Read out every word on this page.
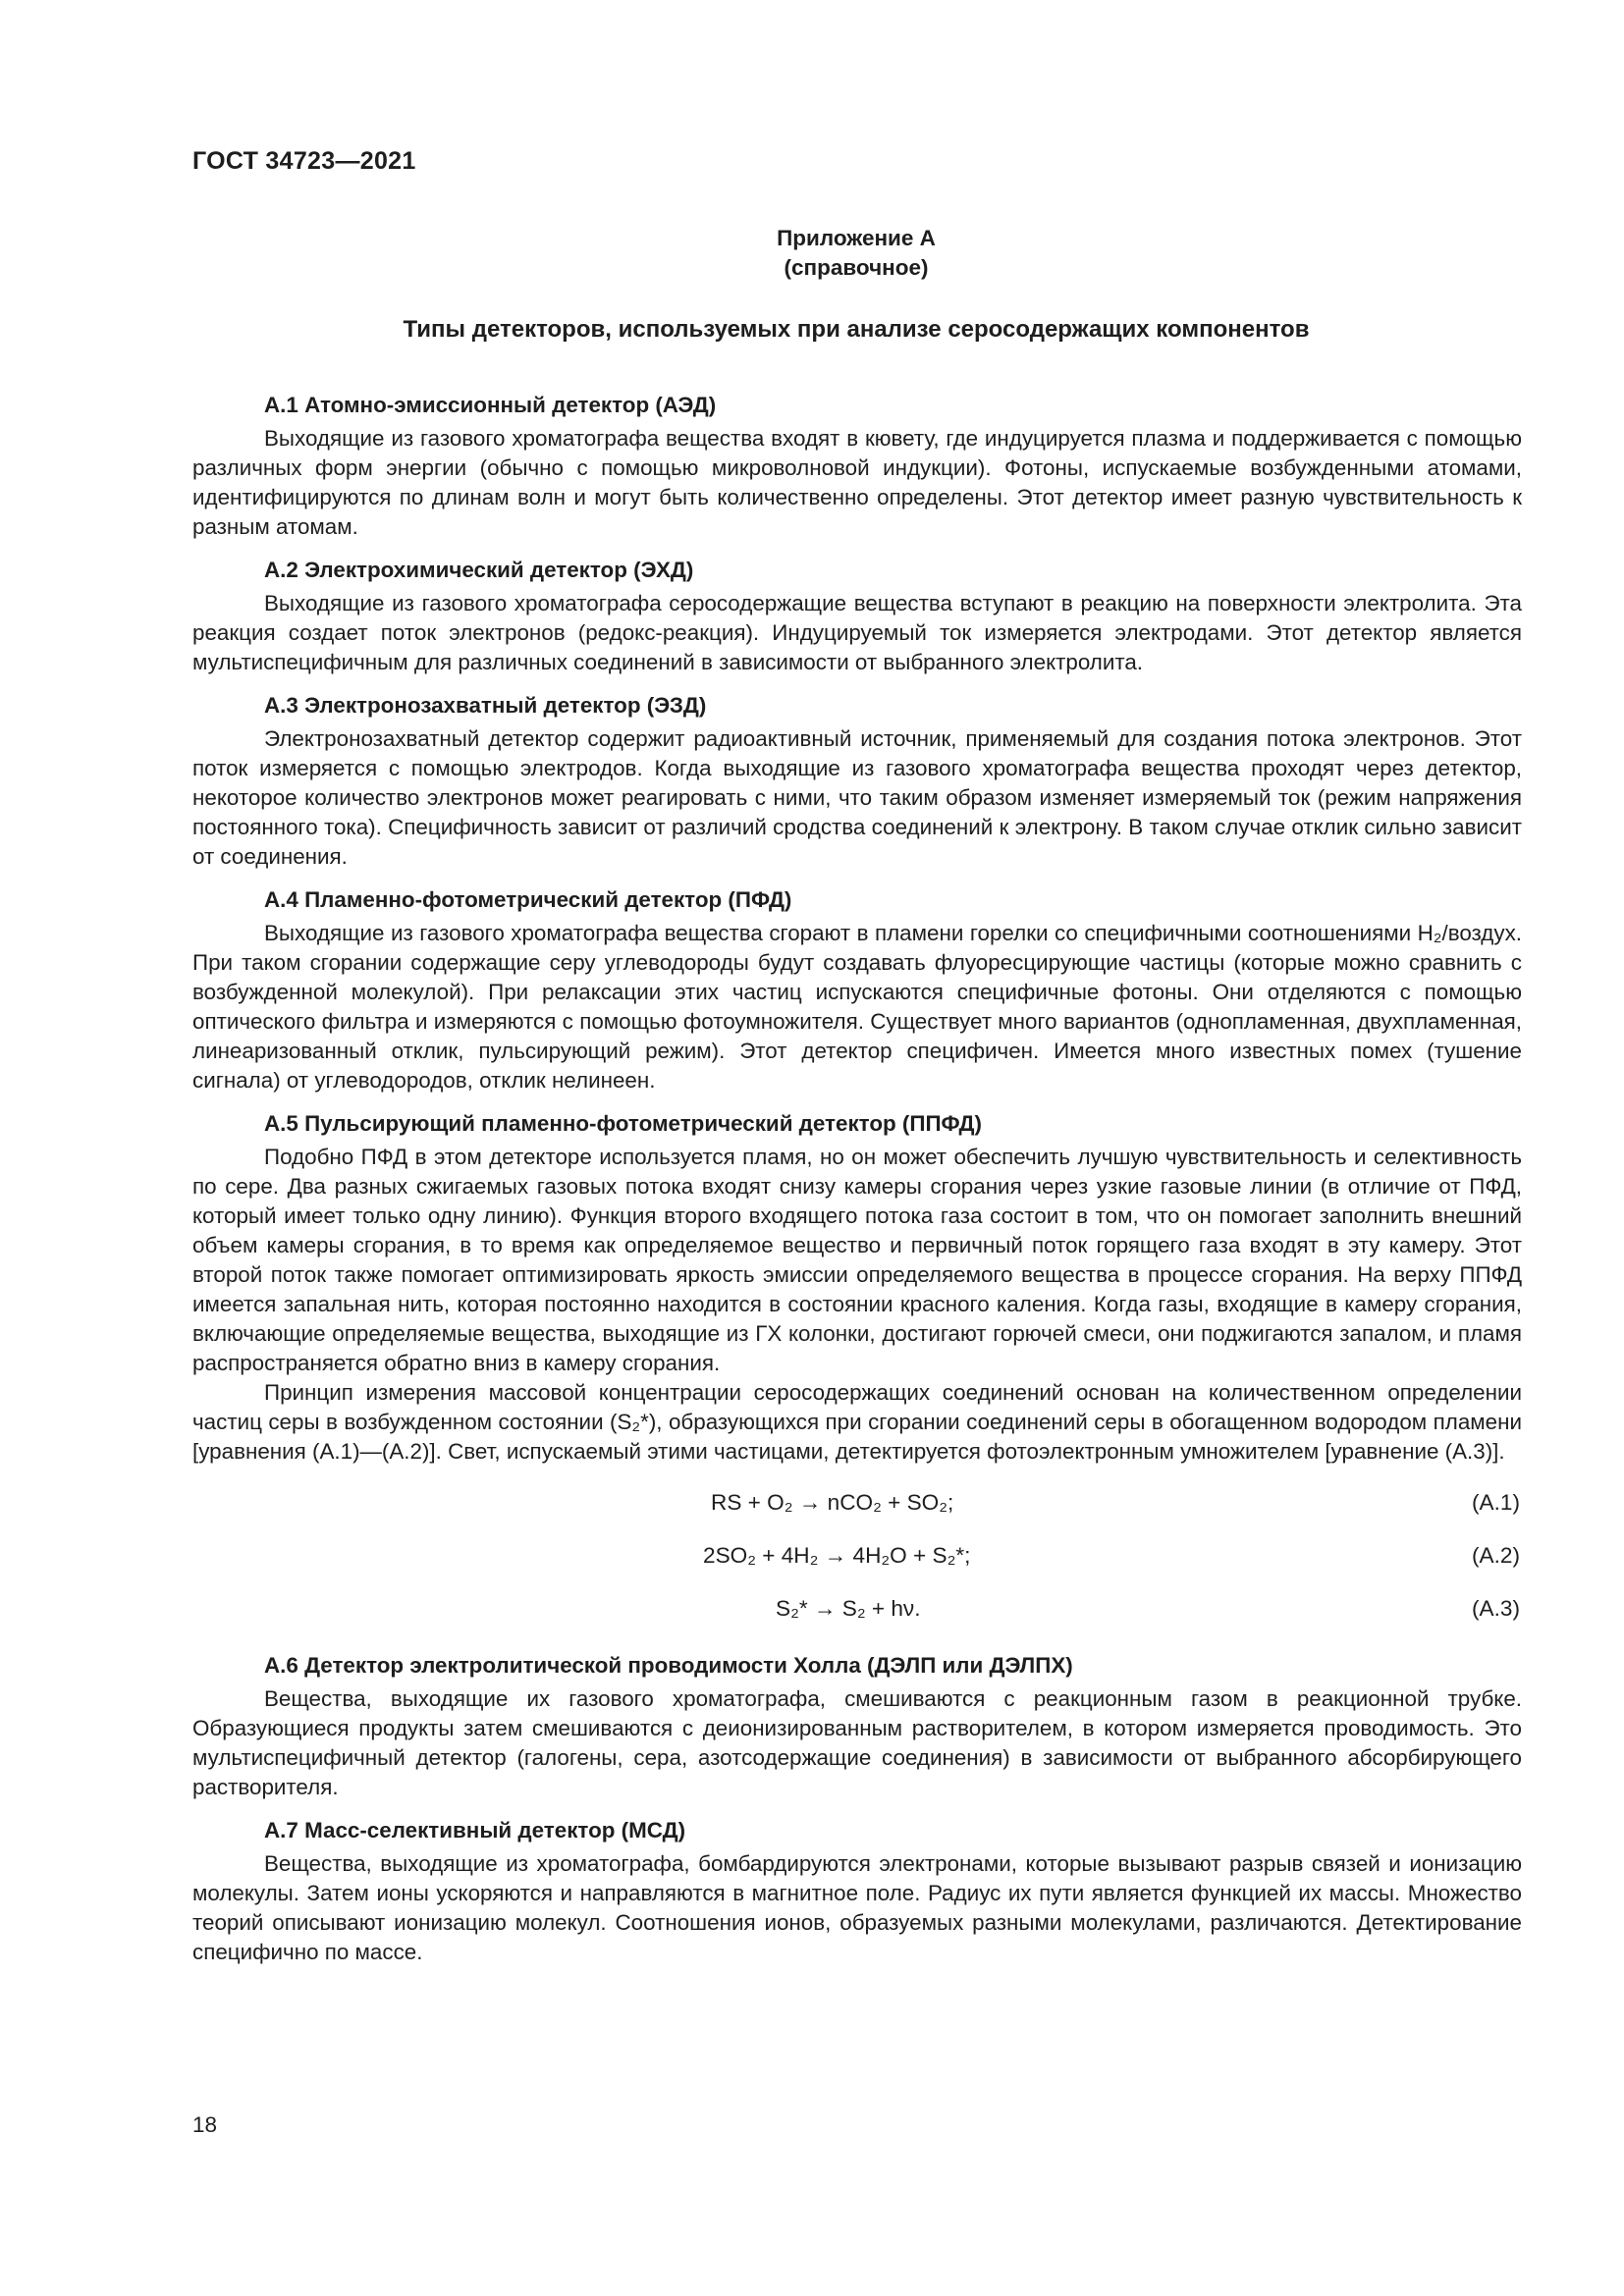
ГОСТ 34723—2021
Приложение А
(справочное)
Типы детекторов, используемых при анализе серосодержащих компонентов
А.1 Атомно-эмиссионный детектор (АЭД)

Выходящие из газового хроматографа вещества входят в кювету, где индуцируется плазма и поддерживается с помощью различных форм энергии (обычно с помощью микроволновой индукции). Фотоны, испускаемые возбужденными атомами, идентифицируются по длинам волн и могут быть количественно определены. Этот детектор имеет разную чувствительность к разным атомам.

А.2 Электрохимический детектор (ЭХД)

Выходящие из газового хроматографа серосодержащие вещества вступают в реакцию на поверхности электролита. Эта реакция создает поток электронов (редокс-реакция). Индуцируемый ток измеряется электродами. Этот детектор является мультиспецифичным для различных соединений в зависимости от выбранного электролита.

А.3 Электронозахватный детектор (ЭЗД)

Электронозахватный детектор содержит радиоактивный источник, применяемый для создания потока электронов. Этот поток измеряется с помощью электродов. Когда выходящие из газового хроматографа вещества проходят через детектор, некоторое количество электронов может реагировать с ними, что таким образом изменяет измеряемый ток (режим напряжения постоянного тока). Специфичность зависит от различий сродства соединений к электрону. В таком случае отклик сильно зависит от соединения.

А.4 Пламенно-фотометрический детектор (ПФД)

Выходящие из газового хроматографа вещества сгорают в пламени горелки со специфичными соотношениями H₂/воздух. При таком сгорании содержащие серу углеводороды будут создавать флуоресцирующие частицы (которые можно сравнить с возбужденной молекулой). При релаксации этих частиц испускаются специфичные фотоны. Они отделяются с помощью оптического фильтра и измеряются с помощью фотоумножителя. Существует много вариантов (однопламенная, двухпламенная, линеаризованный отклик, пульсирующий режим). Этот детектор специфичен. Имеется много известных помех (тушение сигнала) от углеводородов, отклик нелинеен.

А.5 Пульсирующий пламенно-фотометрический детектор (ППФД)

Подобно ПФД в этом детекторе используется пламя, но он может обеспечить лучшую чувствительность и селективность по сере. Два разных сжигаемых газовых потока входят снизу камеры сгорания через узкие газовые линии (в отличие от ПФД, который имеет только одну линию). Функция второго входящего потока газа состоит в том, что он помогает заполнить внешний объем камеры сгорания, в то время как определяемое вещество и первичный поток горящего газа входят в эту камеру. Этот второй поток также помогает оптимизировать яркость эмиссии определяемого вещества в процессе сгорания. На верху ППФД имеется запальная нить, которая постоянно находится в состоянии красного каления. Когда газы, входящие в камеру сгорания, включающие определяемые вещества, выходящие из ГХ колонки, достигают горючей смеси, они поджигаются запалом, и пламя распространяется обратно вниз в камеру сгорания.

Принцип измерения массовой концентрации серосодержащих соединений основан на количественном определении частиц серы в возбужденном состоянии (S₂*), образующихся при сгорании соединений серы в обогащенном водородом пламени [уравнения (А.1)—(А.2)]. Свет, испускаемый этими частицами, детектируется фотоэлектронным умножителем [уравнение (А.3)].

RS + O₂ → nCO₂ + SO₂;	(А.1)
2SO₂ + 4H₂ → 4H₂O + S₂*;	(А.2)
S₂* → S₂ + hν.	(А.3)
А.6 Детектор электролитической проводимости Холла (ДЭЛП или ДЭЛПХ)

Вещества, выходящие их газового хроматографа, смешиваются с реакционным газом в реакционной трубке. Образующиеся продукты затем смешиваются с деионизированным растворителем, в котором измеряется проводимость. Это мультиспецифичный детектор (галогены, сера, азотсодержащие соединения) в зависимости от выбранного абсорбирующего растворителя.

А.7 Масс-селективный детектор (МСД)

Вещества, выходящие из хроматографа, бомбардируются электронами, которые вызывают разрыв связей и ионизацию молекулы. Затем ионы ускоряются и направляются в магнитное поле. Радиус их пути является функцией их массы. Множество теорий описывают ионизацию молекул. Соотношения ионов, образуемых разными молекулами, различаются. Детектирование специфично по массе.

18
